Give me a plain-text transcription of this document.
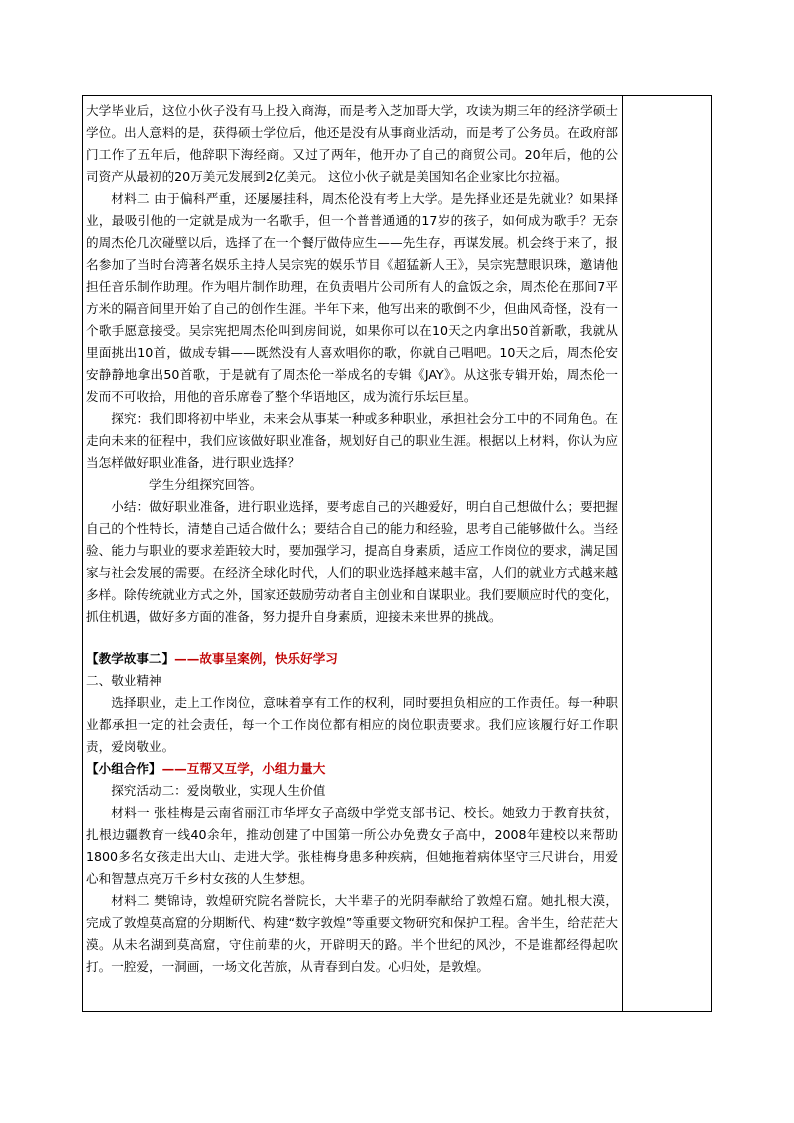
大学毕业后，这位小伙子没有马上投入商海，而是考入芝加哥大学，攻读为期三年的经济学硕士学位。出人意料的是，获得硕士学位后，他还是没有从事商业活动，而是考了公务员。在政府部门工作了五年后，他辞职下海经商。又过了两年，他开办了自己的商贸公司。20年后，他的公司资产从最初的20万美元发展到2亿美元。 这位小伙子就是美国知名企业家比尔拉福。

材料二 由于偏科严重，还屡屡挂科，周杰伦没有考上大学。是先择业还是先就业？如果择业，最吸引他的一定就是成为一名歌手，但一个普普通通的17岁的孩子，如何成为歌手？无奈的周杰伦几次碰壁以后，选择了在一个餐厅做侍应生——先生存，再谋发展。机会终于来了，报名参加了当时台湾著名娱乐主持人吴宗宪的娱乐节目《超猛新人王》，吴宗宪慧眼识珠，邀请他担任音乐制作助理。作为唱片制作助理，在负责唱片公司所有人的盒饭之余，周杰伦在那间7平方米的隔音间里开始了自己的创作生涯。半年下来，他写出来的歌倒不少，但曲风奇怪，没有一个歌手愿意接受。吴宗宪把周杰伦叫到房间说，如果你可以在10天之内拿出50首新歌，我就从里面挑出10首，做成专辑——既然没有人喜欢唱你的歌，你就自己唱吧。10天之后，周杰伦安安静静地拿出50首歌，于是就有了周杰伦一举成名的专辑《JAY》。从这张专辑开始，周杰伦一发而不可收拾，用他的音乐席卷了整个华语地区，成为流行乐坛巨星。

探究：我们即将初中毕业，未来会从事某一种或多种职业，承担社会分工中的不同角色。在走向未来的征程中，我们应该做好职业准备，规划好自己的职业生涯。根据以上材料，你认为应当怎样做好职业准备，进行职业选择？

学生分组探究回答。

小结：做好职业准备，进行职业选择，要考虑自己的兴趣爱好，明白自己想做什么；要把握自己的个性特长，清楚自己适合做什么；要结合自己的能力和经验，思考自己能够做什么。当经验、能力与职业的要求差距较大时，要加强学习，提高自身素质，适应工作岗位的要求，满足国家与社会发展的需要。在经济全球化时代，人们的职业选择越来越丰富，人们的就业方式越来越多样。除传统就业方式之外，国家还鼓励劳动者自主创业和自谋职业。我们要顺应时代的变化，抓住机遇，做好多方面的准备，努力提升自身素质，迎接未来世界的挑战。

【教学故事二】——故事呈案例，快乐好学习

二、敬业精神

选择职业，走上工作岗位，意味着享有工作的权利，同时要担负相应的工作责任。每一种职业都承担一定的社会责任，每一个工作岗位都有相应的岗位职责要求。我们应该履行好工作职责，爱岗敬业。

【小组合作】——互帮又互学，小组力量大

探究活动二：爱岗敬业，实现人生价值

材料一 张桂梅是云南省丽江市华坪女子高级中学党支部书记、校长。她致力于教育扶贫，扎根边疆教育一线40余年，推动创建了中国第一所公办免费女子高中，2008年建校以来帮助1800多名女孩走出大山、走进大学。张桂梅身患多种疾病，但她拖着病体坚守三尺讲台，用爱心和智慧点亮万千乡村女孩的人生梦想。

材料二 樊锦诗，敦煌研究院名誉院长，大半辈子的光阴奉献给了敦煌石窟。她扎根大漠，完成了敦煌莫高窟的分期断代、构建“数字敦煌”等重要文物研究和保护工程。舍半生，给茫茫大漠。从未名湖到莫高窟，守住前辈的火，开辟明天的路。半个世纪的风沙，不是谁都经得起吹打。一腔爱，一洞画，一场文化苦旅，从青春到白发。心归处，是敦煌。
